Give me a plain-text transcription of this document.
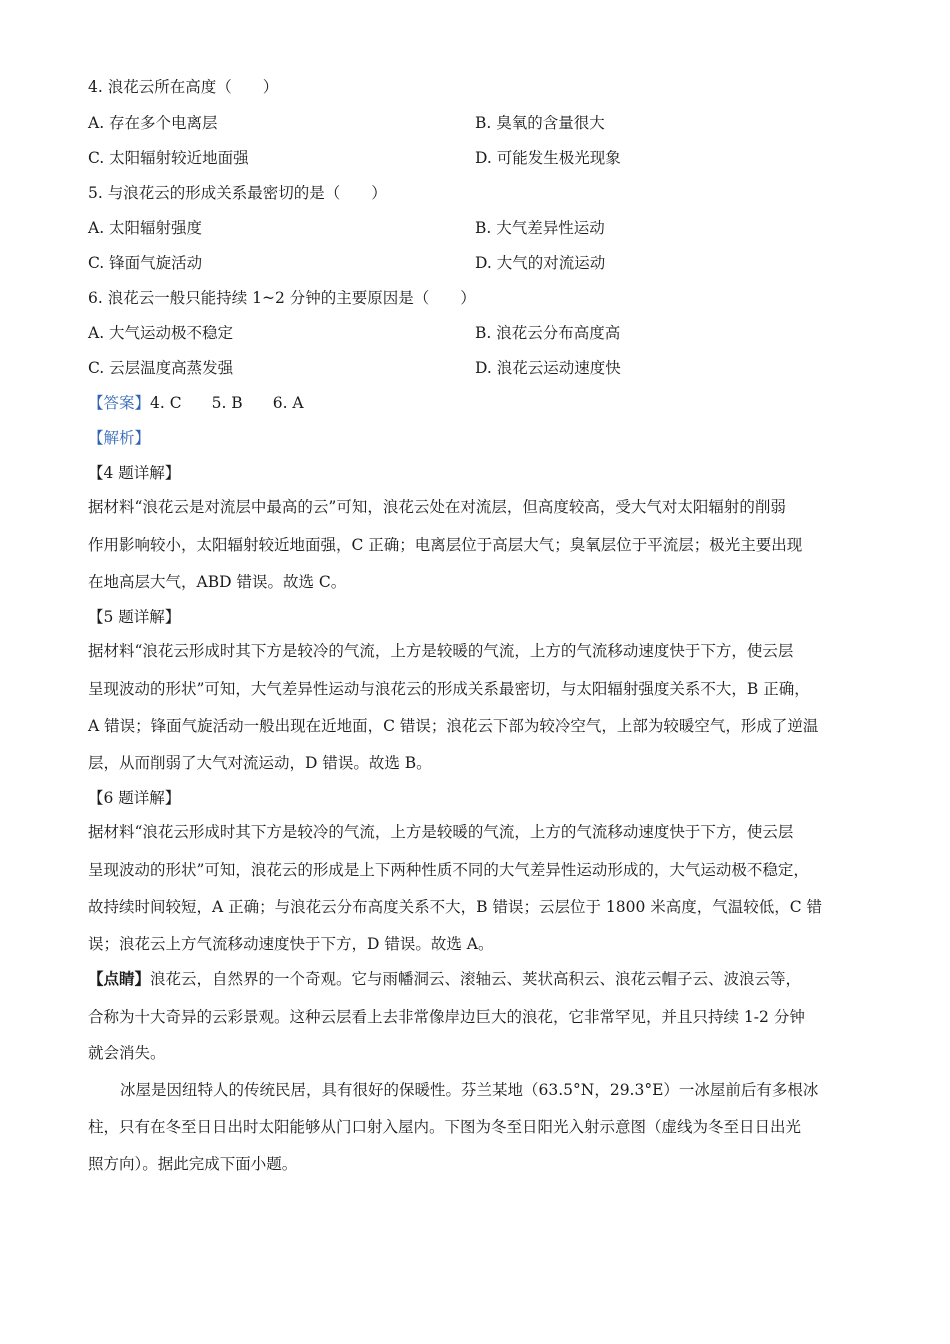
4. 浪花云所在高度（　　）
A. 存在多个电离层	B. 臭氧的含量很大
C. 太阳辐射较近地面强	D. 可能发生极光现象
5. 与浪花云的形成关系最密切的是（　　）
A. 太阳辐射强度	B. 大气差异性运动
C. 锋面气旋活动	D. 大气的对流运动
6. 浪花云一般只能持续 1~2 分钟的主要原因是（　　）
A. 大气运动极不稳定	B. 浪花云分布高度高
C. 云层温度高蒸发强	D. 浪花云运动速度快
【答案】4. C 5. B 6. A
【解析】
【4 题详解】
据材料“浪花云是对流层中最高的云”可知，浪花云处在对流层，但高度较高，受大气对太阳辐射的削弱
作用影响较小，太阳辐射较近地面强，C 正确；电离层位于高层大气；臭氧层位于平流层；极光主要出现
在地高层大气，ABD 错误。故选 C。
【5 题详解】
据材料“浪花云形成时其下方是较冷的气流，上方是较暖的气流，上方的气流移动速度快于下方，使云层
呈现波动的形状”可知，大气差异性运动与浪花云的形成关系最密切，与太阳辐射强度关系不大，B 正确，
A 错误；锋面气旋活动一般出现在近地面，C 错误；浪花云下部为较冷空气，上部为较暖空气，形成了逆温
层，从而削弱了大气对流运动，D 错误。故选 B。
【6 题详解】
据材料“浪花云形成时其下方是较冷的气流，上方是较暖的气流，上方的气流移动速度快于下方，使云层
呈现波动的形状”可知，浪花云的形成是上下两种性质不同的大气差异性运动形成的，大气运动极不稳定，
故持续时间较短，A 正确；与浪花云分布高度关系不大，B 错误；云层位于 1800 米高度，气温较低，C 错
误；浪花云上方气流移动速度快于下方，D 错误。故选 A。
【点睛】浪花云，自然界的一个奇观。它与雨幡洞云、滚轴云、荚状高积云、浪花云帽子云、波浪云等，
合称为十大奇异的云彩景观。这种云层看上去非常像岸边巨大的浪花，它非常罕见，并且只持续 1-2 分钟
就会消失。
冰屋是因纽特人的传统民居，具有很好的保暖性。芬兰某地（63.5°N，29.3°E）一冰屋前后有多根冰
柱，只有在冬至日日出时太阳能够从门口射入屋内。下图为冬至日阳光入射示意图（虚线为冬至日日出光
照方向）。据此完成下面小题。
